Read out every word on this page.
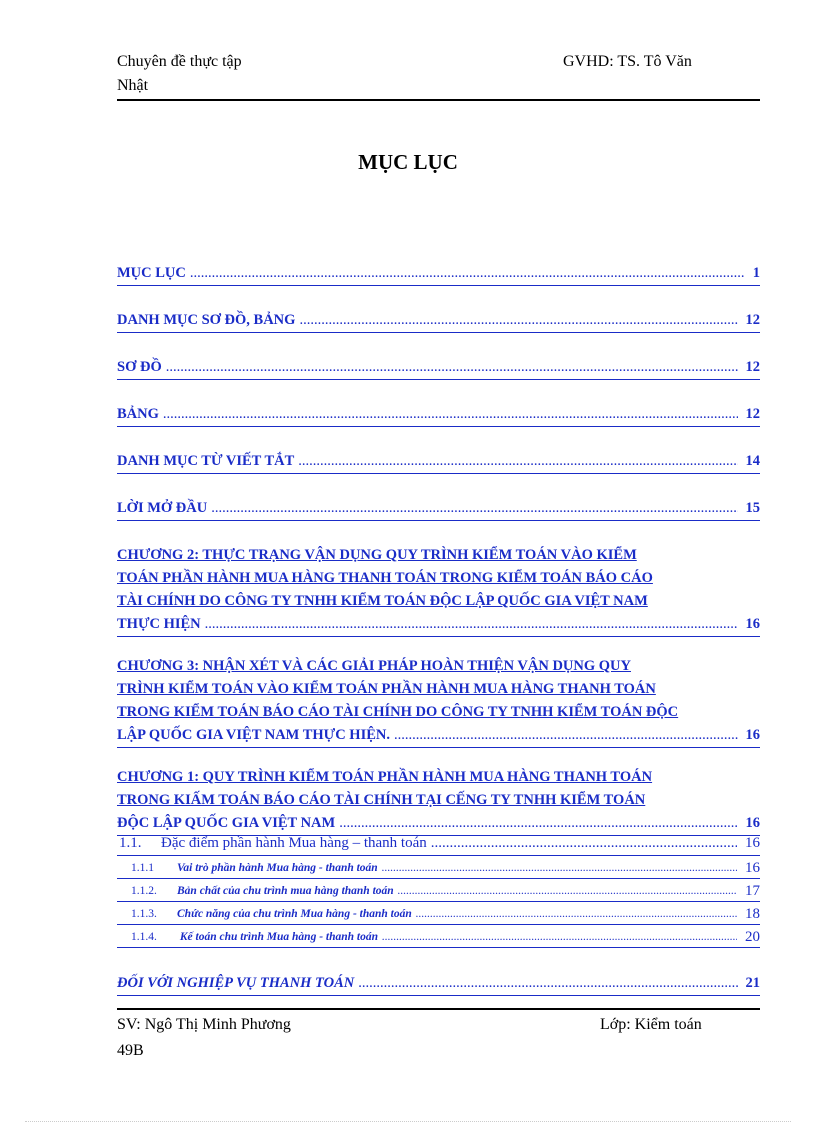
Chuyên đề thực tập	GVHD: TS. Tô Văn
Nhật
MỤC LỤC
MỤC LỤC .....	1
DANH MỤC SƠ ĐỒ, BẢNG .....	12
SƠ ĐỒ .....	12
BẢNG .....	12
DANH MỤC TỪ VIẾT TẮT .....	14
LỜI MỞ ĐẦU .....	15
CHƯƠNG 2: THỰC TRẠNG VẬN DỤNG QUY TRÌNH KIỂM TOÁN VÀO KIỂM
TOÁN PHẦN HÀNH MUA HÀNG THANH TOÁN TRONG KIỂM TOÁN BÁO CÁO
TÀI CHÍNH DO CÔNG TY TNHH KIỂM TOÁN ĐỘC LẬP QUỐC GIA VIỆT NAM
THỰC HIỆN .....	16
CHƯƠNG 3: NHẬN XÉT VÀ CÁC GIẢI PHÁP HOÀN THIỆN VẬN DỤNG QUY
TRÌNH KIỂM TOÁN VÀO KIỂM TOÁN PHẦN HÀNH MUA HÀNG THANH TOÁN
TRONG KIỂM TOÁN BÁO CÁO TÀI CHÍNH DO CÔNG TY TNHH KIỂM TOÁN ĐỘC
LẬP QUỐC GIA VIỆT NAM THỰC HIỆN. .....	16
CHƯƠNG 1: QUY TRÌNH KIỂM TOÁN PHẦN HÀNH MUA HÀNG THANH TOÁN
TRONG KIẤM TOÁN BÁO CÁO TÀI CHÍNH TẠI CẾNG TY TNHH KIỂM TOÁN
ĐỘC LẬP QUỐC GIA VIỆT NAM .....	16
1.1. Đặc điểm phần hành Mua hàng – thanh toán .....	16
1.1.1 Vai trò phần hành Mua hàng - thanh toán .....	16
1.1.2. Bản chất của chu trình mua hàng thanh toán .....	17
1.1.3. Chức năng của chu trình Mua hàng - thanh toán .....	18
1.1.4. Kế toán chu trình Mua hàng - thanh toán .....	20
ĐỐI VỚI NGHIỆP VỤ THANH TOÁN .....	21
SV: Ngô Thị Minh Phương	Lớp: Kiểm toán
49B
